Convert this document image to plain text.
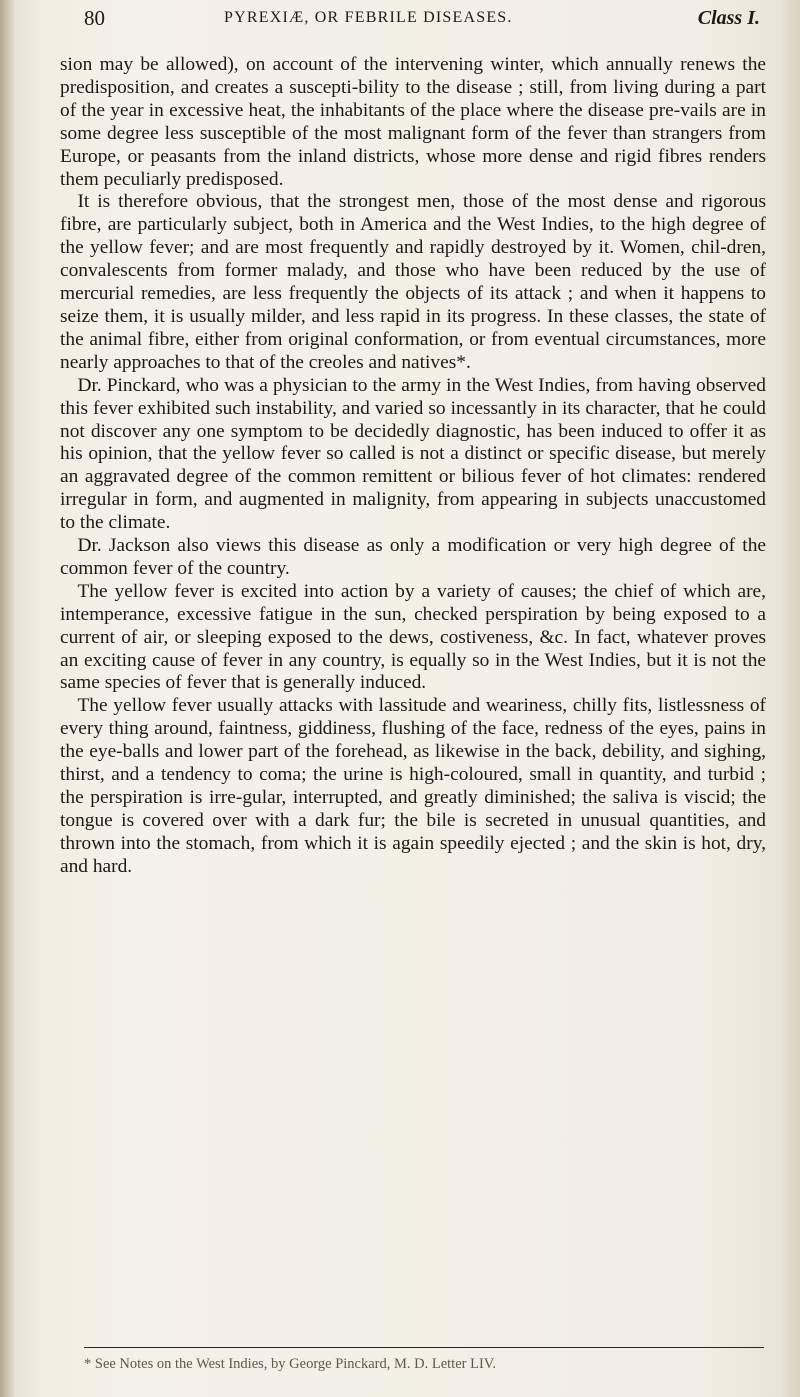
80	PYREXIÆ, OR FEBRILE DISEASES.	Class I.

sion may be allowed), on account of the intervening winter, which annually renews the predisposition, and creates a suscepti-bility to the disease ; still, from living during a part of the year in excessive heat, the inhabitants of the place where the disease pre-vails are in some degree less susceptible of the most malignant form of the fever than strangers from Europe, or peasants from the inland districts, whose more dense and rigid fibres renders them peculiarly predisposed.

It is therefore obvious, that the strongest men, those of the most dense and rigorous fibre, are particularly subject, both in America and the West Indies, to the high degree of the yellow fever; and are most frequently and rapidly destroyed by it. Women, chil-dren, convalescents from former malady, and those who have been reduced by the use of mercurial remedies, are less frequently the objects of its attack ; and when it happens to seize them, it is usually milder, and less rapid in its progress. In these classes, the state of the animal fibre, either from original conformation, or from eventual circumstances, more nearly approaches to that of the creoles and natives*.

Dr. Pinckard, who was a physician to the army in the West Indies, from having observed this fever exhibited such instability, and varied so incessantly in its character, that he could not discover any one symptom to be decidedly diagnostic, has been induced to offer it as his opinion, that the yellow fever so called is not a distinct or specific disease, but merely an aggravated degree of the common remittent or bilious fever of hot climates: rendered irregular in form, and augmented in malignity, from appearing in subjects unaccustomed to the climate.

Dr. Jackson also views this disease as only a modification or very high degree of the common fever of the country.

The yellow fever is excited into action by a variety of causes; the chief of which are, intemperance, excessive fatigue in the sun, checked perspiration by being exposed to a current of air, or sleeping exposed to the dews, costiveness, &c. In fact, whatever proves an exciting cause of fever in any country, is equally so in the West Indies, but it is not the same species of fever that is generally induced.

The yellow fever usually attacks with lassitude and weariness, chilly fits, listlessness of every thing around, faintness, giddiness, flushing of the face, redness of the eyes, pains in the eye-balls and lower part of the forehead, as likewise in the back, debility, and sighing, thirst, and a tendency to coma; the urine is high-coloured, small in quantity, and turbid ; the perspiration is irre-gular, interrupted, and greatly diminished; the saliva is viscid; the tongue is covered over with a dark fur; the bile is secreted in unusual quantities, and thrown into the stomach, from which it is again speedily ejected ; and the skin is hot, dry, and hard.

* See Notes on the West Indies, by George Pinckard, M. D. Letter LIV.
